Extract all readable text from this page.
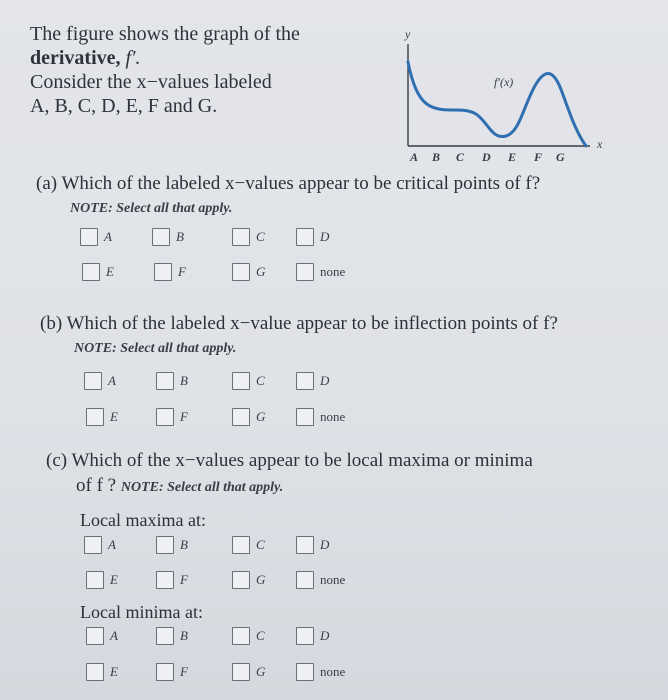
The figure shows the graph of the
derivative, f′.
Consider the x−values labeled
A, B, C, D, E, F and G.
y
x
f′(x)
A B C D E F G
(a) Which of the labeled x−values appear to be critical points of f?
NOTE: Select all that apply.
A	B	C	D
E	F	G	none
(b) Which of the labeled x−value appear to be inflection points of f?
NOTE: Select all that apply.
A	B	C	D
E	F	G	none
(c) Which of the x−values appear to be local maxima or minima
of f ? NOTE: Select all that apply.
Local maxima at:
A	B	C	D
E	F	G	none
Local minima at:
A	B	C	D
E	F	G	none
